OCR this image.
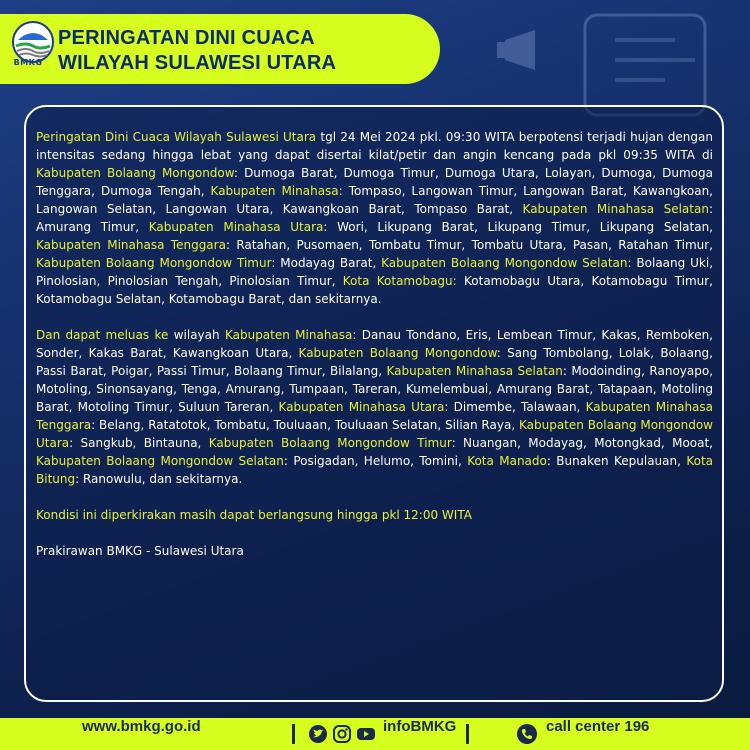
BMKG
PERINGATAN DINI CUACA
WILAYAH SULAWESI UTARA

Peringatan Dini Cuaca Wilayah Sulawesi Utara tgl 24 Mei 2024 pkl. 09:30 WITA berpotensi terjadi hujan dengan intensitas sedang hingga lebat yang dapat disertai kilat/petir dan angin kencang pada pkl 09:35 WITA di Kabupaten Bolaang Mongondow: Dumoga Barat, Dumoga Timur, Dumoga Utara, Lolayan, Dumoga, Dumoga Tenggara, Dumoga Tengah, Kabupaten Minahasa: Tompaso, Langowan Timur, Langowan Barat, Kawangkoan, Langowan Selatan, Langowan Utara, Kawangkoan Barat, Tompaso Barat, Kabupaten Minahasa Selatan: Amurang Timur, Kabupaten Minahasa Utara: Wori, Likupang Barat, Likupang Timur, Likupang Selatan, Kabupaten Minahasa Tenggara: Ratahan, Pusomaen, Tombatu Timur, Tombatu Utara, Pasan, Ratahan Timur, Kabupaten Bolaang Mongondow Timur: Modayag Barat, Kabupaten Bolaang Mongondow Selatan: Bolaang Uki, Pinolosian, Pinolosian Tengah, Pinolosian Timur, Kota Kotamobagu: Kotamobagu Utara, Kotamobagu Timur, Kotamobagu Selatan, Kotamobagu Barat, dan sekitarnya.

Dan dapat meluas ke wilayah Kabupaten Minahasa: Danau Tondano, Eris, Lembean Timur, Kakas, Remboken, Sonder, Kakas Barat, Kawangkoan Utara, Kabupaten Bolaang Mongondow: Sang Tombolang, Lolak, Bolaang, Passi Barat, Poigar, Passi Timur, Bolaang Timur, Bilalang, Kabupaten Minahasa Selatan: Modoinding, Ranoyapo, Motoling, Sinonsayang, Tenga, Amurang, Tumpaan, Tareran, Kumelembuai, Amurang Barat, Tatapaan, Motoling Barat, Motoling Timur, Suluun Tareran, Kabupaten Minahasa Utara: Dimembe, Talawaan, Kabupaten Minahasa Tenggara: Belang, Ratatotok, Tombatu, Touluaan, Touluaan Selatan, Silian Raya, Kabupaten Bolaang Mongondow Utara: Sangkub, Bintauna, Kabupaten Bolaang Mongondow Timur: Nuangan, Modayag, Motongkad, Mooat, Kabupaten Bolaang Mongondow Selatan: Posigadan, Helumo, Tomini, Kota Manado: Bunaken Kepulauan, Kota Bitung: Ranowulu, dan sekitarnya.

Kondisi ini diperkirakan masih dapat berlangsung hingga pkl 12:00 WITA

Prakirawan BMKG - Sulawesi Utara

www.bmkg.go.id	infoBMKG	call center 196
